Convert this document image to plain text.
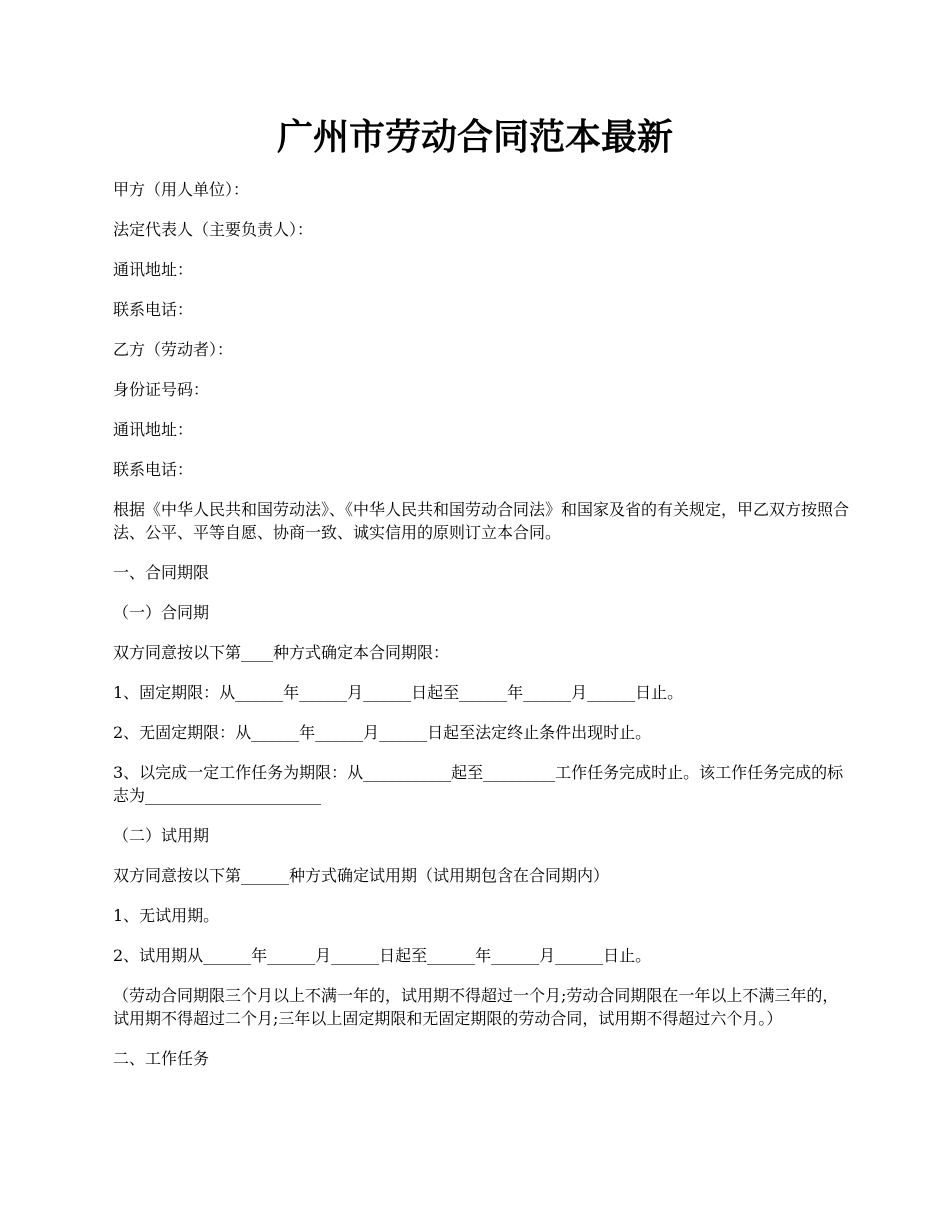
广州市劳动合同范本最新

甲方（用人单位）：

法定代表人（主要负责人）：

通讯地址：

联系电话：

乙方（劳动者）：

身份证号码：

通讯地址：

联系电话：

根据《中华人民共和国劳动法》、《中华人民共和国劳动合同法》和国家及省的有关规定，甲乙双方按照合法、公平、平等自愿、协商一致、诚实信用的原则订立本合同。

一、合同期限

（一）合同期

双方同意按以下第____种方式确定本合同期限：

1、固定期限：从______年______月______日起至______年______月______日止。

2、无固定期限：从______年______月______日起至法定终止条件出现时止。

3、以完成一定工作任务为期限：从___________起至_________工作任务完成时止。该工作任务完成的标志为______________________

（二）试用期

双方同意按以下第______种方式确定试用期（试用期包含在合同期内）

1、无试用期。

2、试用期从______年______月______日起至______年______月______日止。

（劳动合同期限三个月以上不满一年的，试用期不得超过一个月;劳动合同期限在一年以上不满三年的，试用期不得超过二个月;三年以上固定期限和无固定期限的劳动合同，试用期不得超过六个月。）

二、工作任务
